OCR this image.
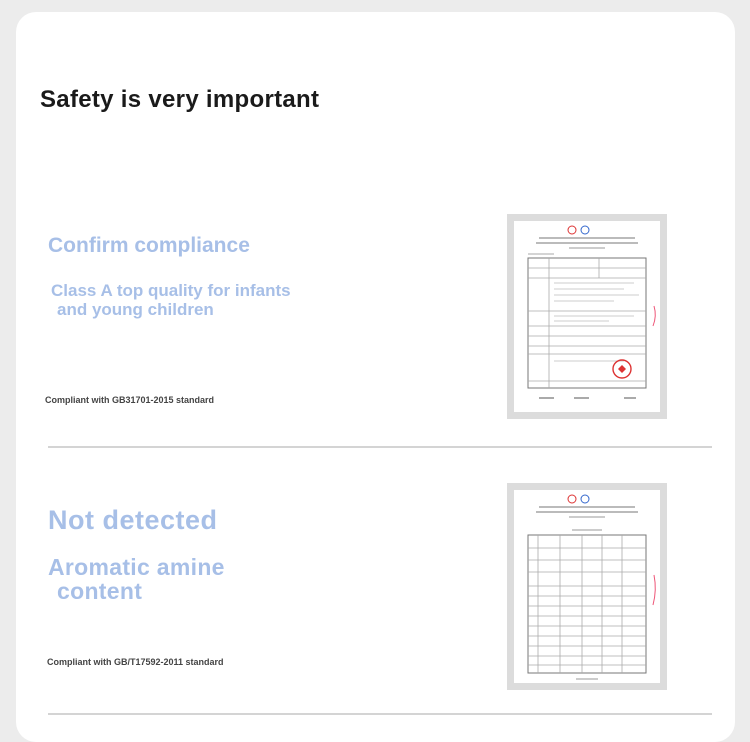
Safety is very important
Confirm compliance
Class A top quality for infants
and young children
Compliant with GB31701-2015 standard
Not detected
Aromatic amine
content
Compliant with GB/T17592-2011 standard
